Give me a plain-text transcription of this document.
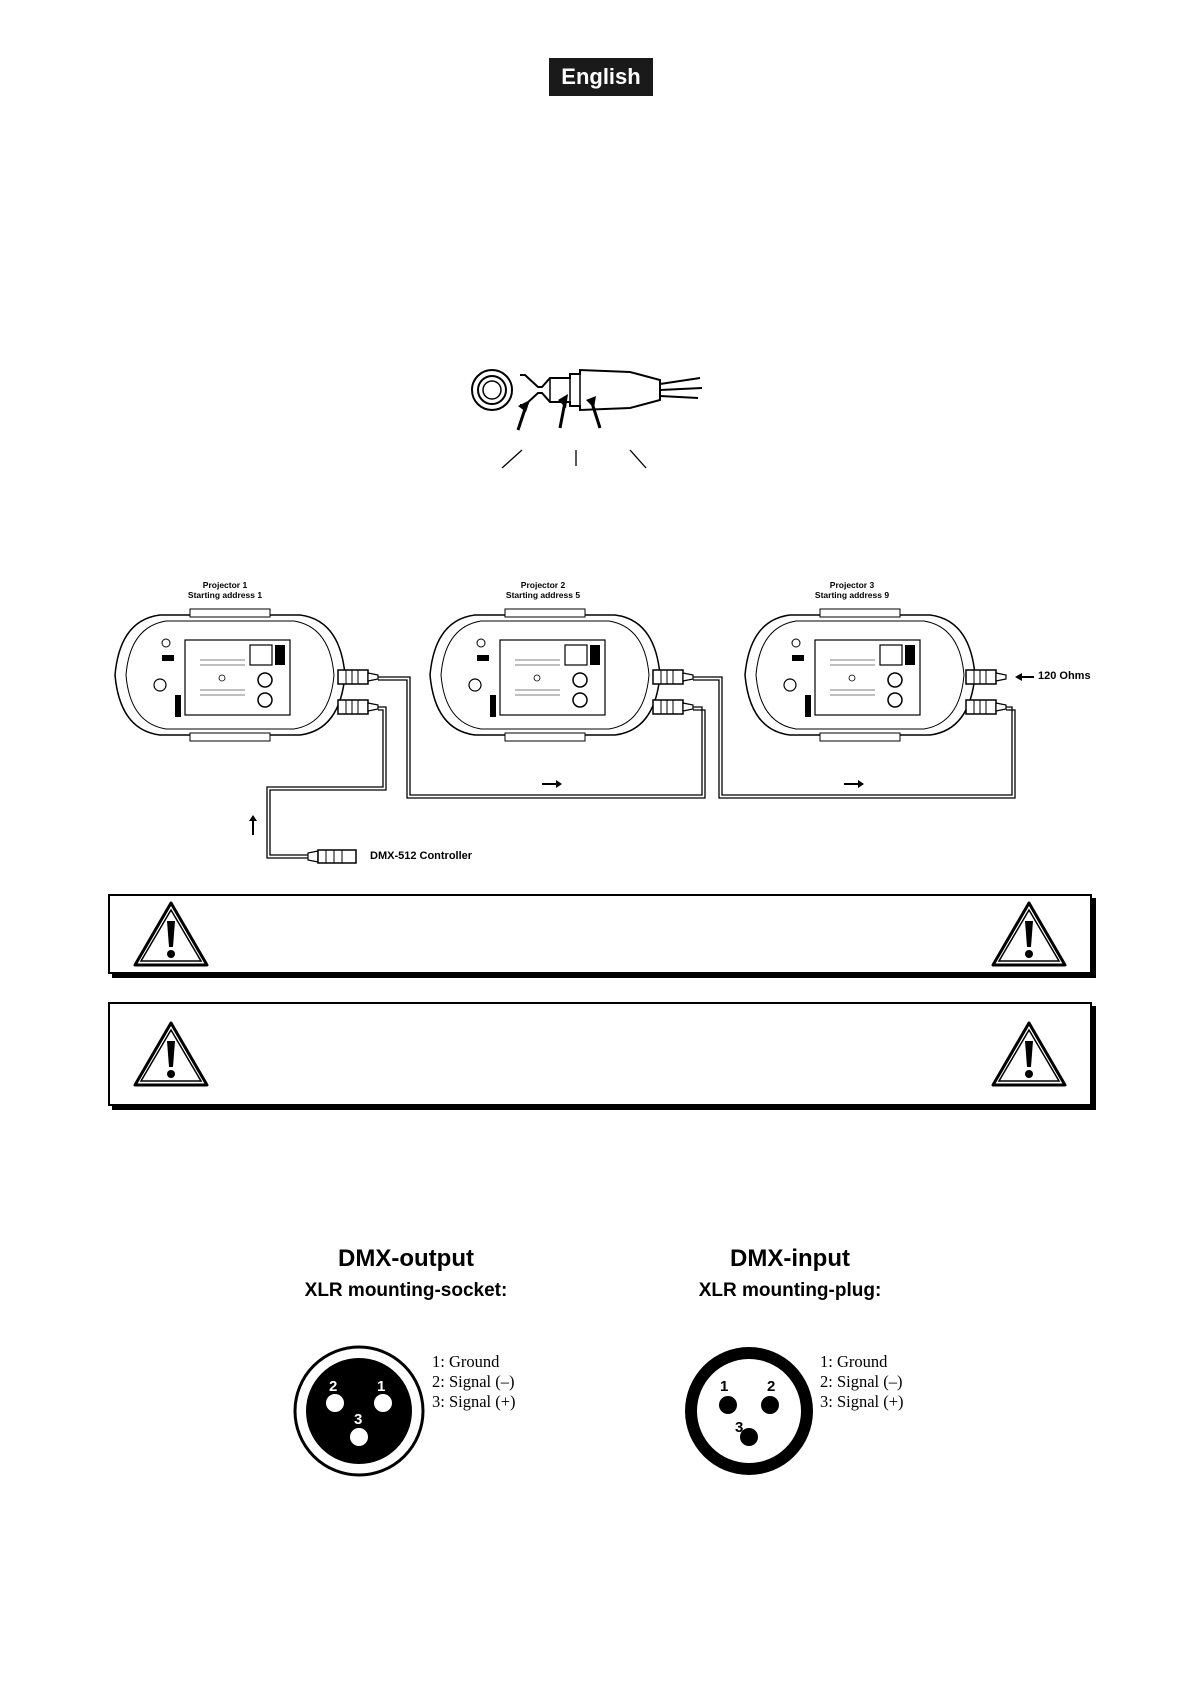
English
Projector 1
Starting address 1
Projector 2
Starting address 5
Projector 3
Starting address 9
120 Ohms
DMX-512 Controller
DMX-output
XLR mounting-socket:
2	1
3
1: Ground
2: Signal (–)
3: Signal (+)
DMX-input
XLR mounting-plug:
1	2
3
1: Ground
2: Signal (–)
3: Signal (+)
